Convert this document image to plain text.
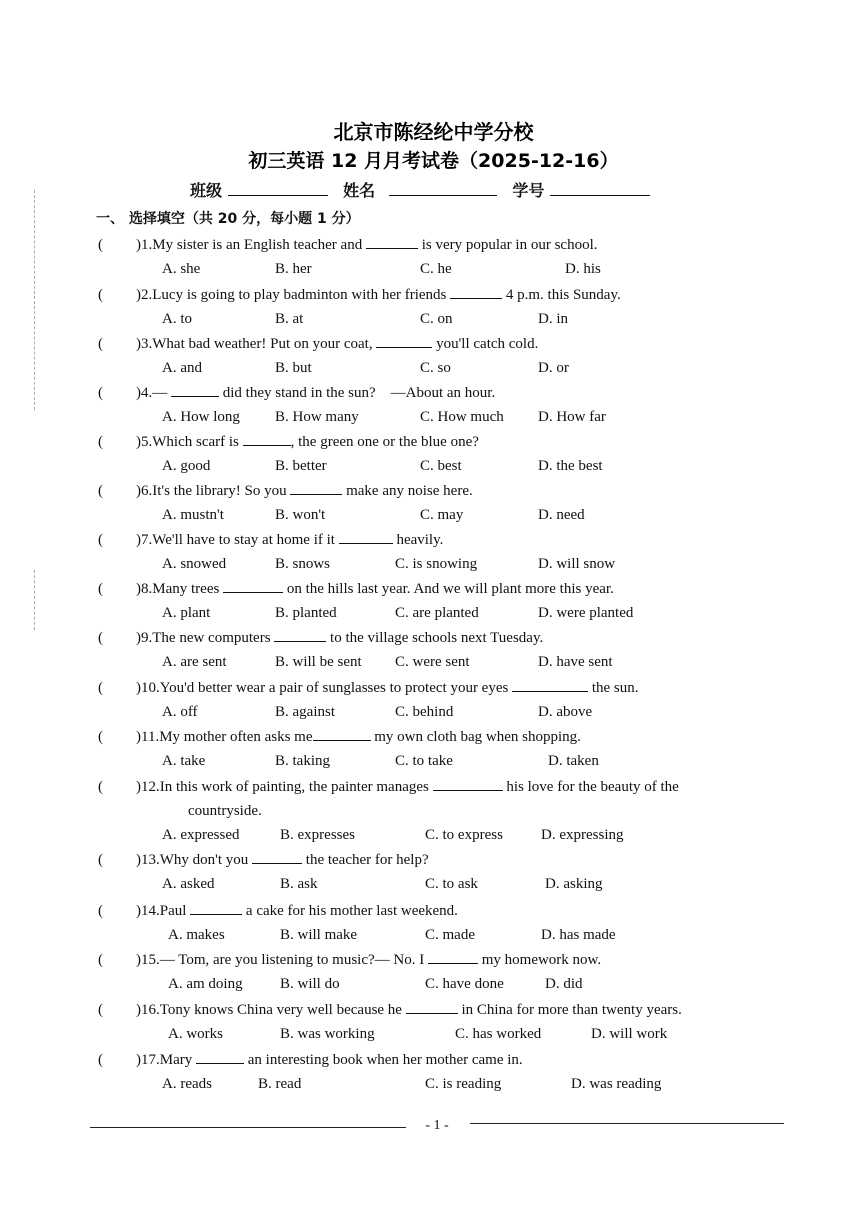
北京市陈经纶中学分校
初三英语 12 月月考试卷（2025-12-16）
班级	姓名	学号
一、 选择填空（共 20 分，每小题 1 分）
( )1.My sister is an English teacher and	is very popular in our school.
A. she	B. her	C. he	D. his
( )2.Lucy is going to play badminton with her friends	4 p.m. this Sunday.
A. to	B. at	C. on	D. in
( )3.What bad weather! Put on your coat,	you'll catch cold.
A. and	B. but	C. so	D. or
( )4.—	did they stand in the sun?    —About an hour.
A. How long B. How many	C. How much D. How far
( )5.Which scarf is	, the green one or the blue one?
A. good	B. better	C. best	D. the best
( )6.It's the library! So you	make any noise here.
A. mustn't	B. won't	C. may	D. need
( )7.We'll have to stay at home if it	heavily.
A. snowed	B. snows	C. is snowing	D. will snow
( )8.Many trees	on the hills last year. And we will plant more this year.
A. plant	B. planted	C. are planted	D. were planted
( )9.The new computers	to the village schools next Tuesday.
A. are sent	B. will be sent C. were sent	D. have sent
( )10.You'd better wear a pair of sunglasses to protect your eyes	the sun.
A. off	B. against	C. behind	D. above
( )11.My mother often asks me	my own cloth bag when shopping.
A. take	B. taking	C. to take	D. taken
( )12.In this work of painting, the painter manages	his love for the beauty of the
countryside.
A. expressed	B. expresses	C. to express	D. expressing
( )13.Why don't you	the teacher for help?
A. asked	B. ask	C. to ask	D. asking
( )14.Paul	a cake for his mother last weekend.
A. makes	B. will make	C. made	D. has made
( )15.— Tom, are you listening to music?— No. I	my homework now.
A. am doing B. will do	C. have done	D. did
( )16.Tony knows China very well because he	in China for more than twenty years.
A. works	B. was working	C. has worked	D. will work
( )17.Mary	an interesting book when her mother came in.
A. reads	B. read	C. is reading	D. was reading
- 1 -
